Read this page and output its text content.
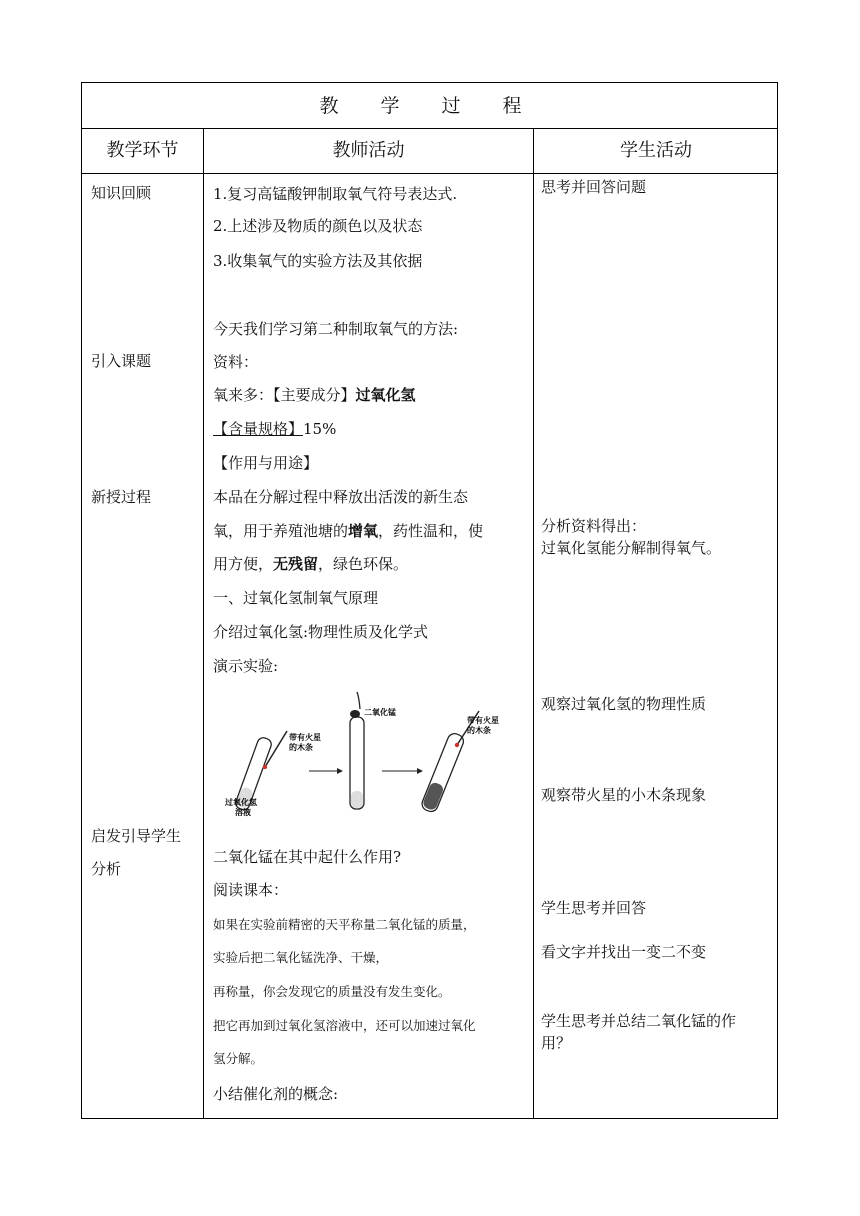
教 学 过 程
教学环节	教师活动	学生活动
知识回顾
引入课题
新授过程
启发引导学生
分析
1.复习高锰酸钾制取氧气符号表达式.
2.上述涉及物质的颜色以及状态
3.收集氧气的实验方法及其依据
今天我们学习第二种制取氧气的方法:
资料：
氧来多：【主要成分】过氧化氢
【含量规格】15%
【作用与用途】
本品在分解过程中释放出活泼的新生态
氧，用于养殖池塘的增氧，药性温和，使
用方便，无残留，绿色环保。
一、过氧化氢制氧气原理
介绍过氧化氢:物理性质及化学式
演示实验:
带有火星
的木条
过氧化氢
溶液
二氧化锰
带有火星
的木条
二氧化锰在其中起什么作用?
阅读课本：
如果在实验前精密的天平称量二氧化锰的质量，
实验后把二氧化锰洗净、干燥，
再称量，你会发现它的质量没有发生变化。
把它再加到过氧化氢溶液中，还可以加速过氧化
氢分解。
小结催化剂的概念:
思考并回答问题
分析资料得出：
过氧化氢能分解制得氧气。
观察过氧化氢的物理性质
观察带火星的小木条现象
学生思考并回答
看文字并找出一变二不变
学生思考并总结二氧化锰的作
用？
